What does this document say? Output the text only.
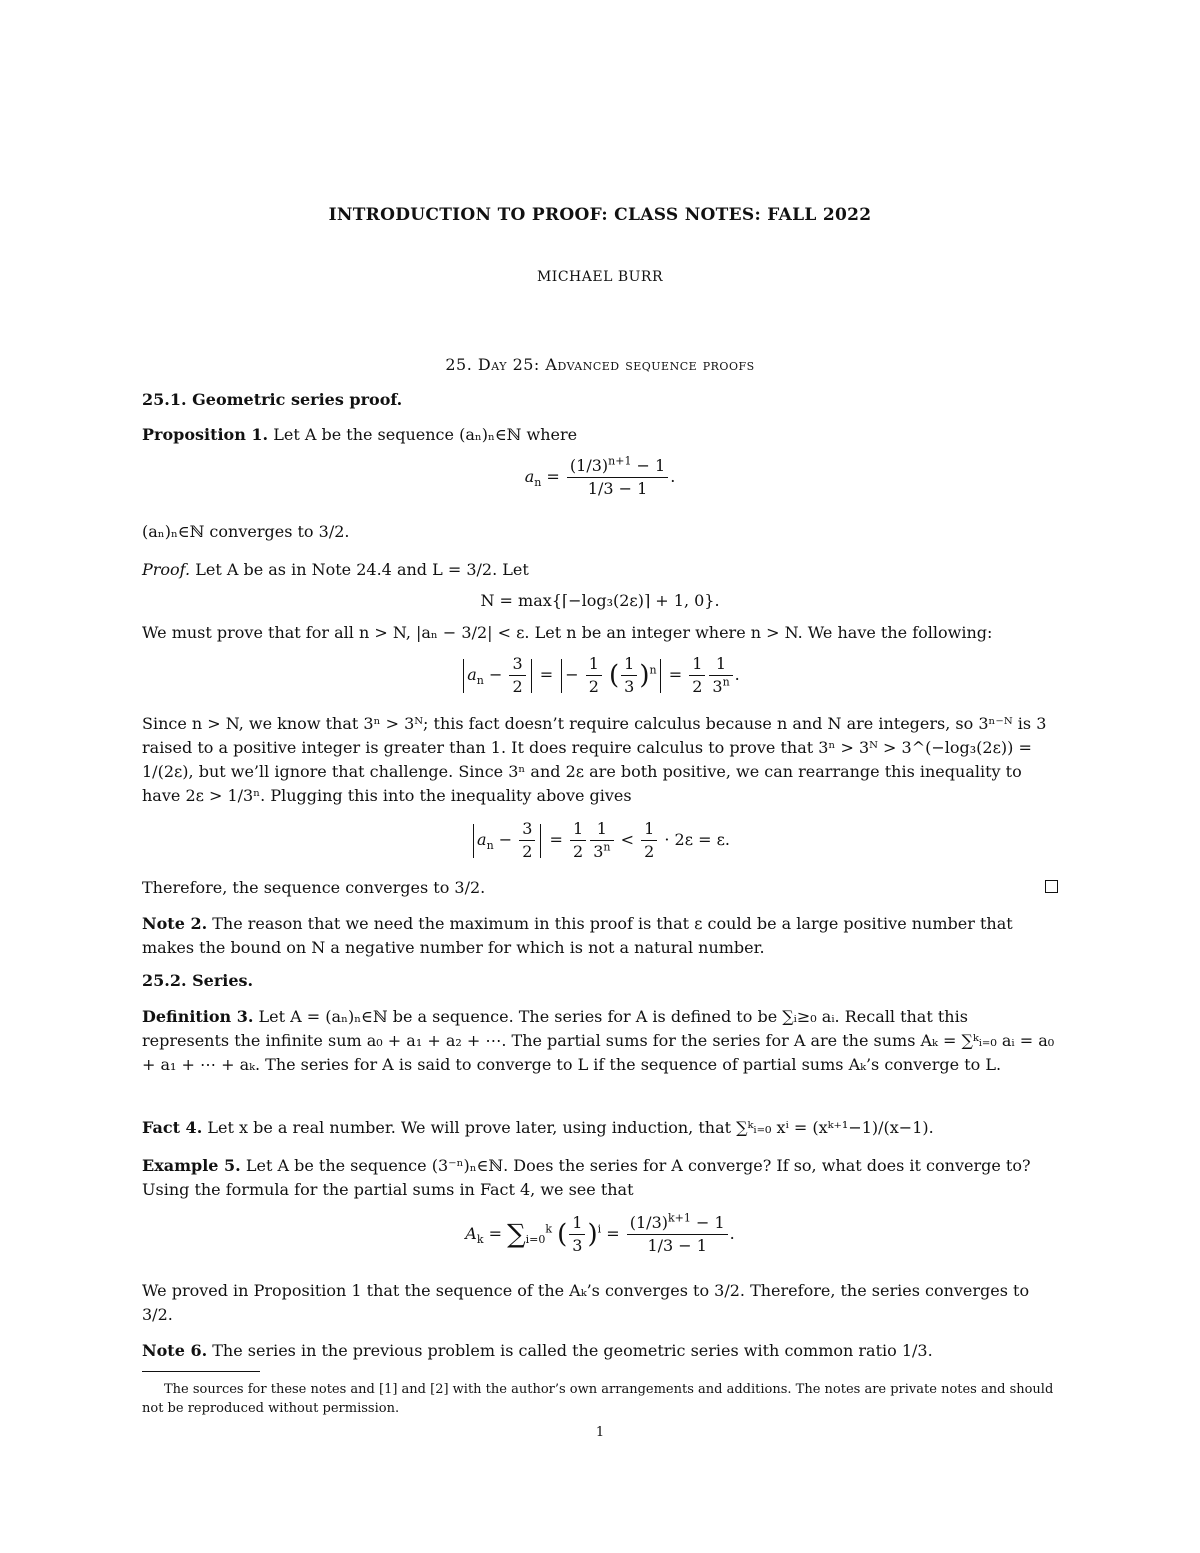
INTRODUCTION TO PROOF: CLASS NOTES: FALL 2022
MICHAEL BURR
25. Day 25: Advanced sequence proofs
25.1. Geometric series proof.
Proposition 1. Let A be the sequence (aₙ)ₙ∈ℕ where
$a_n = \frac{(1/3)^{n+1} - 1}{1/3 - 1}$ .
(aₙ)ₙ∈ℕ converges to 3/2.
Proof. Let A be as in Note 24.4 and L = 3/2. Let
N = max{⌈−log₃(2ε)⌉ + 1, 0}.
We must prove that for all n > N, |aₙ − 3/2| < ε. Let n be an integer where n > N. We have the following:
$a_n - \frac{3}{2}$ = − $\frac{1}{2}$ ( $\frac{1}{3} )^n = \frac{1}{2} \frac{1}{3^n}$ .
Since n > N, we know that 3ⁿ > 3ᴺ; this fact doesn’t require calculus because n and N are integers, so 3ⁿ⁻ᴺ is 3 raised to a positive integer is greater than 1. It does require calculus to prove that 3ⁿ > 3ᴺ > 3^(−log₃(2ε)) = 1/(2ε), but we’ll ignore that challenge. Since 3ⁿ and 2ε are both positive, we can rearrange this inequality to have 2ε > 1/3ⁿ. Plugging this into the inequality above gives
$a_n - \frac{3}{2} = \frac{1}{2} \frac{1}{3^n} < \frac{1}{2} \cdot 2\varepsilon = \varepsilon$.
Therefore, the sequence converges to 3/2.
Note 2. The reason that we need the maximum in this proof is that ε could be a large positive number that makes the bound on N a negative number for which is not a natural number.
25.2. Series.
Definition 3. Let A = (aₙ)ₙ∈ℕ be a sequence. The series for A is defined to be ∑ᵢ≥₀ aᵢ. Recall that this represents the infinite sum a₀ + a₁ + a₂ + ⋯. The partial sums for the series for A are the sums Aₖ = ∑ᵏᵢ₌₀ aᵢ = a₀ + a₁ + ⋯ + aₖ. The series for A is said to converge to L if the sequence of partial sums Aₖ’s converge to L.
Fact 4. Let x be a real number. We will prove later, using induction, that ∑ᵏᵢ₌₀ xⁱ = (xᵏ⁺¹−1)/(x−1).
Example 5. Let A be the sequence (3⁻ⁿ)ₙ∈ℕ. Does the series for A converge? If so, what does it converge to? Using the formula for the partial sums in Fact 4, we see that
$A_k = \sum_{i=0}^k$ ( $\frac{1}{3} )^i = \frac{(1/3)^{k+1} - 1}{1/3 - 1}$ .
We proved in Proposition 1 that the sequence of the Aₖ’s converges to 3/2. Therefore, the series converges to 3/2.
Note 6. The series in the previous problem is called the geometric series with common ratio 1/3.
The sources for these notes and [1] and [2] with the author’s own arrangements and additions. The notes are private notes and should not be reproduced without permission.
1
